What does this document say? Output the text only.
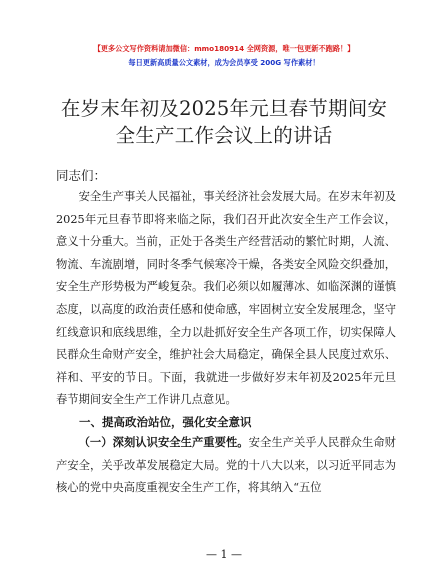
【更多公文写作资料请加微信：mmo180914 全网资源，唯一包更新不跑路！】
每日更新高质量公文素材，成为会员享受 200G 写作素材！
在岁末年初及2025年元旦春节期间安全生产工作会议上的讲话
同志们：

安全生产事关人民福祉，事关经济社会发展大局。在岁末年初及2025年元旦春节即将来临之际，我们召开此次安全生产工作会议，意义十分重大。当前，正处于各类生产经营活动的繁忙时期，人流、物流、车流剧增，同时冬季气候寒冷干燥，各类安全风险交织叠加，安全生产形势极为严峻复杂。我们必须以如履薄冰、如临深渊的谨慎态度，以高度的政治责任感和使命感，牢固树立安全发展理念，坚守红线意识和底线思维，全力以赴抓好安全生产各项工作，切实保障人民群众生命财产安全，维护社会大局稳定，确保全县人民度过欢乐、祥和、平安的节日。下面，我就进一步做好岁末年初及2025年元旦春节期间安全生产工作讲几点意见。

一、提高政治站位，强化安全意识

（一）深刻认识安全生产重要性。安全生产关乎人民群众生命财产安全，关乎改革发展稳定大局。党的十八大以来，以习近平同志为核心的党中央高度重视安全生产工作，将其纳入“五位

— 1 —
